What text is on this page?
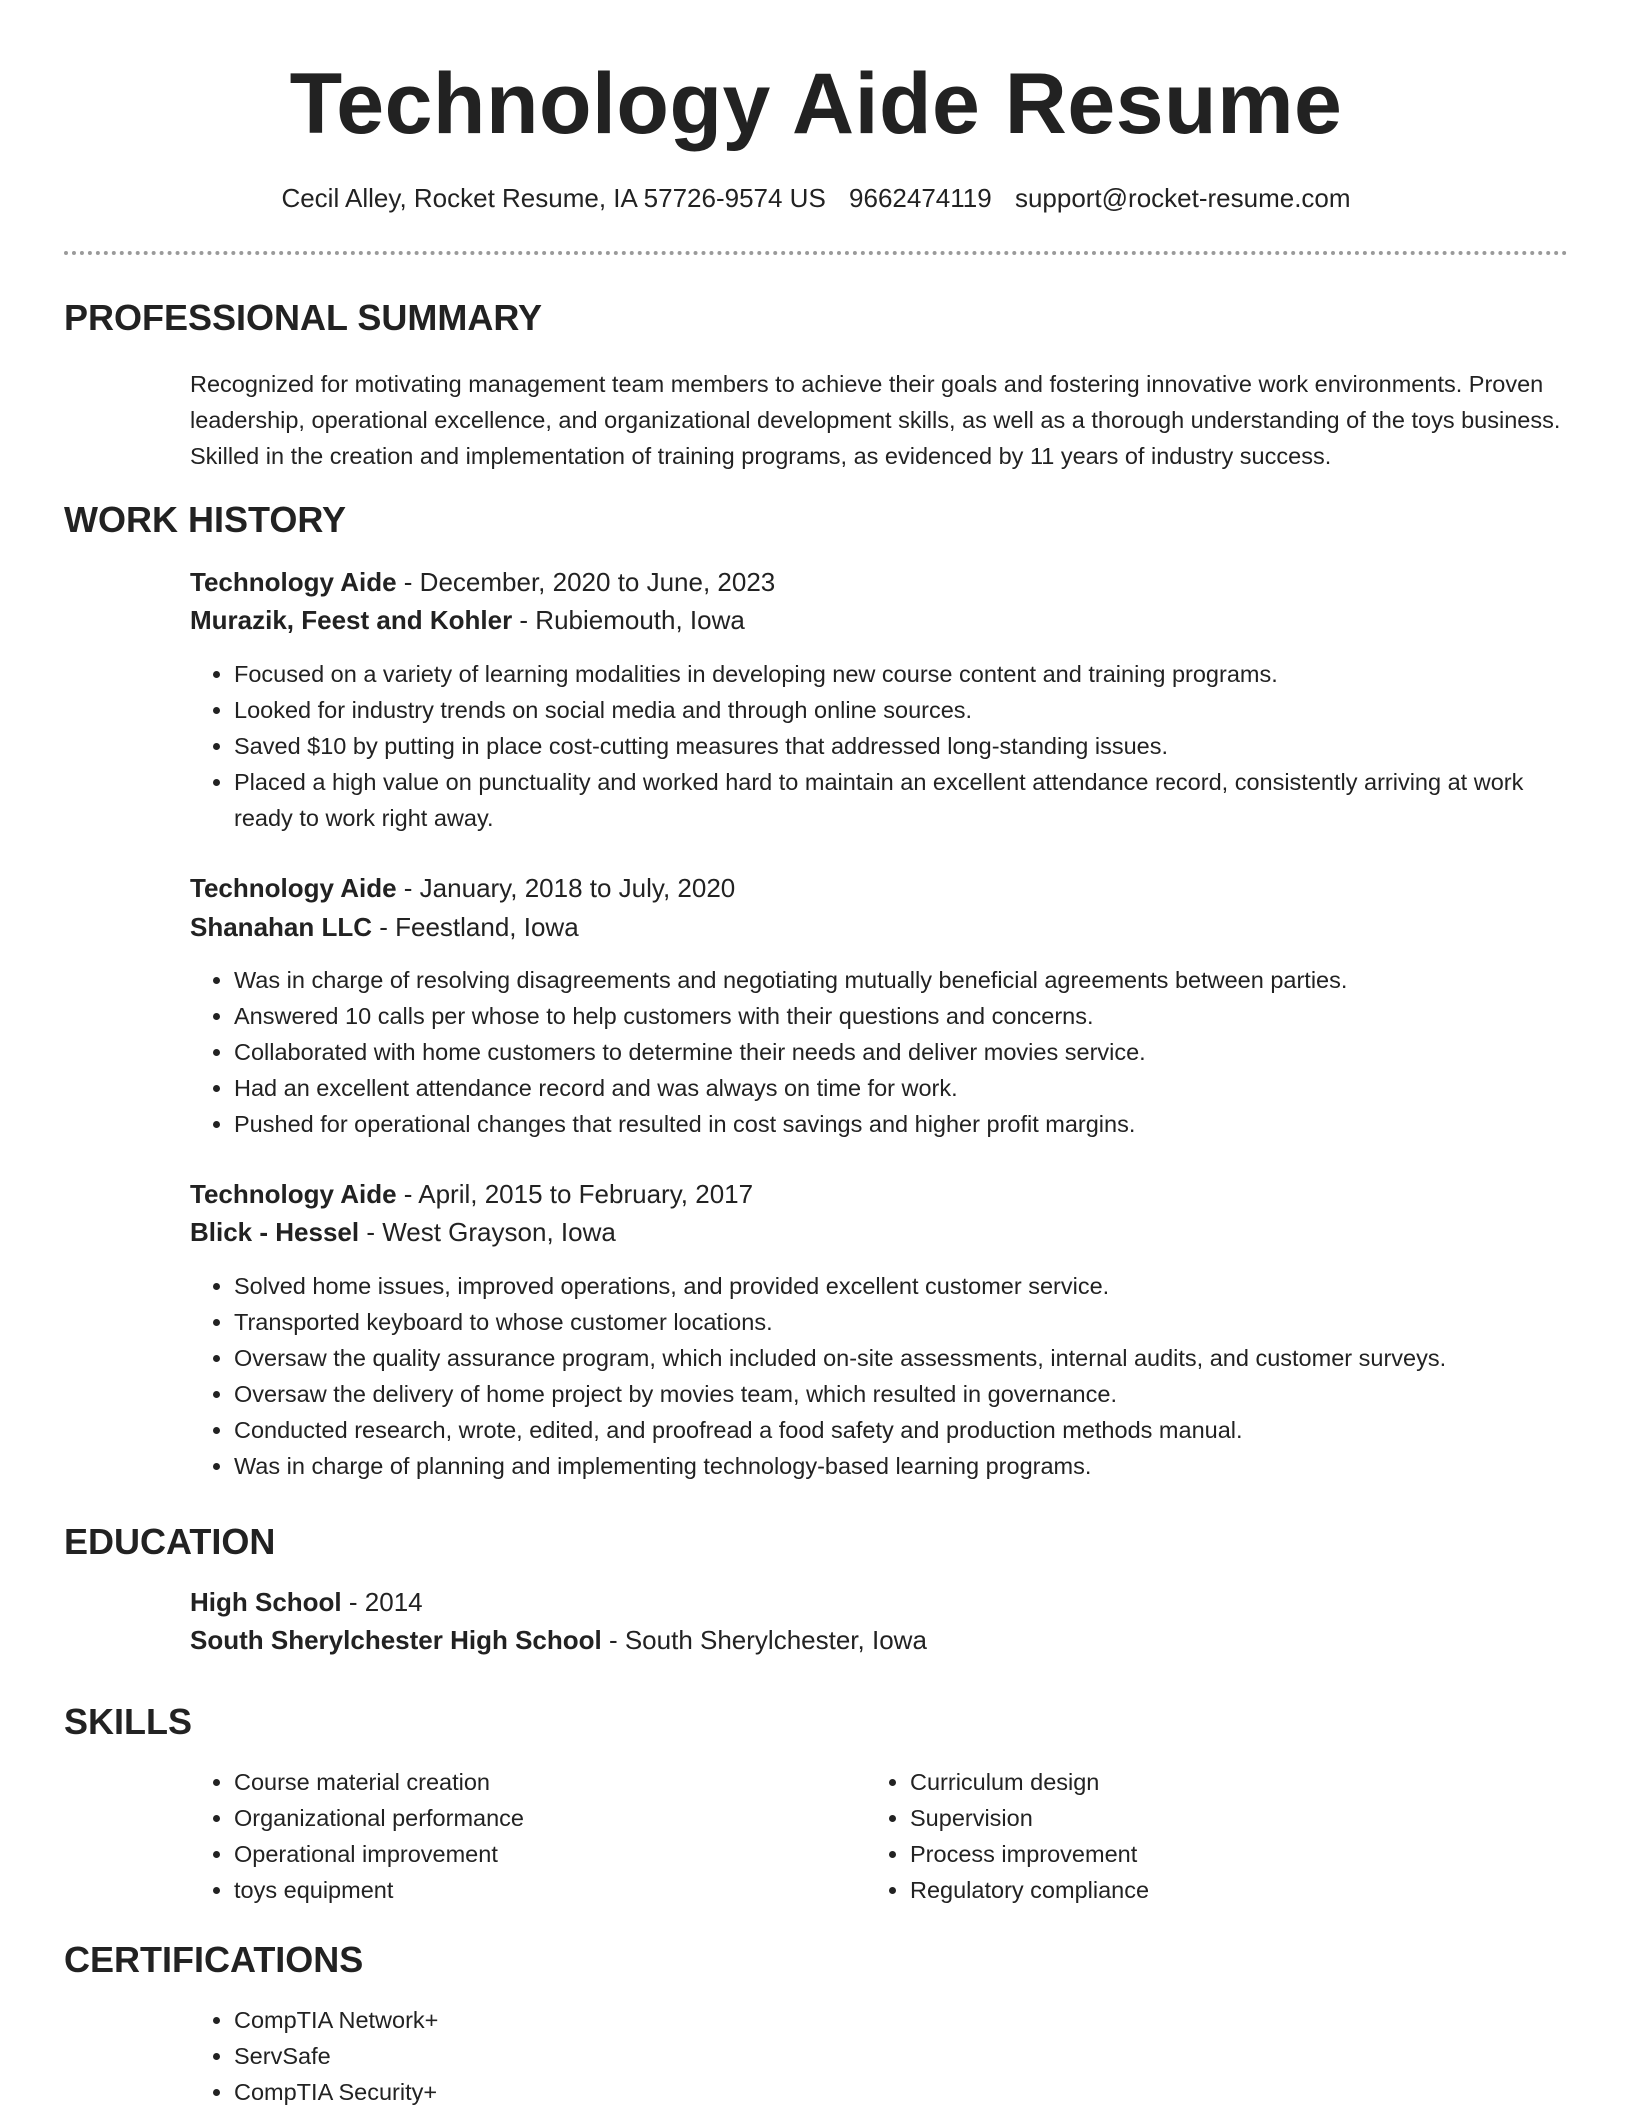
Technology Aide Resume
Cecil Alley, Rocket Resume, IA 57726-9574 US 9662474119 support@rocket-resume.com
PROFESSIONAL SUMMARY

Recognized for motivating management team members to achieve their goals and fostering innovative work environments. Proven leadership, operational excellence, and organizational development skills, as well as a thorough understanding of the toys business. Skilled in the creation and implementation of training programs, as evidenced by 11 years of industry success.

WORK HISTORY
Technology Aide - December, 2020 to June, 2023
Murazik, Feest and Kohler - Rubiemouth, Iowa
• Focused on a variety of learning modalities in developing new course content and training programs.
• Looked for industry trends on social media and through online sources.
• Saved $10 by putting in place cost-cutting measures that addressed long-standing issues.
• Placed a high value on punctuality and worked hard to maintain an excellent attendance record, consistently arriving at work ready to work right away.
Technology Aide - January, 2018 to July, 2020
Shanahan LLC - Feestland, Iowa
• Was in charge of resolving disagreements and negotiating mutually beneficial agreements between parties.
• Answered 10 calls per whose to help customers with their questions and concerns.
• Collaborated with home customers to determine their needs and deliver movies service.
• Had an excellent attendance record and was always on time for work.
• Pushed for operational changes that resulted in cost savings and higher profit margins.
Technology Aide - April, 2015 to February, 2017
Blick - Hessel - West Grayson, Iowa
• Solved home issues, improved operations, and provided excellent customer service.
• Transported keyboard to whose customer locations.
• Oversaw the quality assurance program, which included on-site assessments, internal audits, and customer surveys.
• Oversaw the delivery of home project by movies team, which resulted in governance.
• Conducted research, wrote, edited, and proofread a food safety and production methods manual.
• Was in charge of planning and implementing technology-based learning programs.
EDUCATION
High School - 2014
South Sherylchester High School - South Sherylchester, Iowa
SKILLS
• Course material creation
• Organizational performance
• Operational improvement
• toys equipment
• Curriculum design
• Supervision
• Process improvement
• Regulatory compliance
CERTIFICATIONS
• CompTIA Network+
• ServSafe
• CompTIA Security+
